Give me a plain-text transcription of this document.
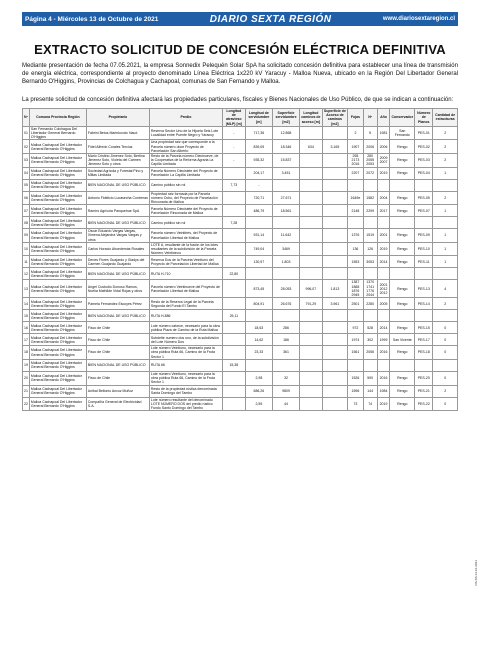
Página 4 - Miércoles 13 de Octubre de 2021	DIARIO SEXTA REGIÓN	www.diariosextaregion.cl
EXTRACTO SOLICITUD DE CONCESIÓN ELÉCTRICA DEFINITIVA
Mediante presentación de fecha 07.05.2021, la empresa Sonnedix Pelequén Solar SpA ha solicitado concesión definitiva para establecer una línea de transmisión de energía eléctrica, correspondiente al proyecto denominado Línea Eléctrica 1x220 kV Yaracuy - Malloa Nueva, ubicado en la Región Del Libertador General Bernardo O'Higgins, Provincias de Colchagua y Cachapoal, comunas de San Fernando y Malloa.
La presente solicitud de concesión definitiva afectará las propiedades particulares, fiscales y Bienes Nacionales de Uso Público, de que se indican a continuación:
Nº	Comuna Provincia Región	Propietario	Predio	Longitud de atravieso (MLP) [m]	Longitud de servidumbre [m]	Superficie servidumbre [m2]	Longitud caminos de acceso [m]	Superficie de Acceso de caminos [m2]	Fojas	Nº	Año	Conservador	Número de Planos	Cantidad de estructuras
01	San Fernando Colchagua Del Libertador General Bernardo O'Higgins	Fabrini Betus Marinkovcic Naud	Reserva Sector Uno de la Hijuela Seis Lote Localidad entre Puente Negro y Yáracuy	-	717,36	12.868			2	5	1981	San Fernando	PES-01	2
02	Malloa Cachapoal Del Libertador General Bernardo O'Higgins	Fidel Alfredo Corales Tercius	Una propiedad raíz que corresponde a la Parcela número doce Proyecto de Parcelación San Alberto	-	839,05	18.346	634	3.165	1907	2006	2006	Rengo	PES-02	2
03	Malloa Cachapoal Del Libertador General Bernardo O'Higgins	Mario Cristino Jimenez Soto, Bertina Jimenez Soto, Violeta del Carmen Jimenez Soto y otros	Resto de la Parcela número Diecinueve, de la Cooperativa de la Reforma Agraria La Capilla Limitada	-	935,32	15.837			265 2173 2016	280 2055 2053	2009 2007	Rengo	PES-03	2
04	Malloa Cachapoal Del Libertador General Bernardo O'Higgins	Sociedad Agrícola y Forestal Pino y Millas Limitada	Parcela Número Diecisiete del Proyecto de Parcelación La Capilla Limitada		204,17	3.451			2207	2072	2019	Rengo	PES-04	1
05	Malloa Cachapoal Del Libertador General Bernardo O'Higgins	BIEN NACIONAL DE USO PÚBLICO	Camino público sin rol	7,73	-									
06	Malloa Cachapoal Del Libertador General Bernardo O'Higgins	Antonio Fidelicio Lucasecha Contreras	Propiedad raíz formada por la Parcela número Ocho, del Proyecto de Parcelación Rinconada de Malloa		720,71	27.671			1649e	1582	2004	Rengo	PES-05	2
07	Malloa Cachapoal Del Libertador General Bernardo O'Higgins	Ramiro Agrícola Panquehue SpA	Parcela Número Diecisiete del Proyecto de Parcelación Rinconada de Malloa		486,79	18.561			2148	2299	2017	Rengo	PES-07	1
08	Malloa Cachapoal Del Libertador General Bernardo O'Higgins	BIEN NACIONAL DE USO PÚBLICO	Camino público sin rol	7,28										
09	Malloa Cachapoal Del Libertador General Bernardo O'Higgins	Oscar Eduardo Vargas Vargas, Ximena Alejandra Vargas Vargas y otros	Parcela número Veintitrés, del Proyecto de Parcelación Libertad de Malloa		931,14	11.642			1376	1519	2001	Rengo	PES-09	1
10	Malloa Cachapoal Del Libertador General Bernardo O'Higgins	Carlos Horacio Ahuedemás Rosales	LOTE A, resultante de la fusión de los lotes resultantes de la subdivisión de la Parcela Número Veinticinco		749,04	3469			136	126	2019	Rengo	PES-10	1
11	Malloa Cachapoal Del Libertador General Bernardo O'Higgins	Denes Flores Guajardo y Gladys del Carmen Guajardo Guajardo	Reserva Dos de la Parcela Veintiuno del Proyecto de Parcelación Libertad de Malloa		130,97	1.803			1553	3053	2014	Rengo	PES-11	1
12	Malloa Cachapoal Del Libertador General Bernardo O'Higgins	BIEN NACIONAL DE USO PÚBLICO	RUTA H-710	22,80										
13	Malloa Cachapoal Del Libertador General Bernardo O'Higgins	Angel Custodio Donoso Ramos, Noelia Mathilde Vidal Rojas y otros	Parcela número Veintinueve del Proyecto de Parcelación Libertad de Malloa		873,45	28.053	996,07	1.813	1387 1868 1876 2945	1370 1741 1776 2044	2001 2012 2012	Rengo	PES-13	4
14	Malloa Cachapoal Del Libertador General Bernardo O'Higgins	Pamela Fernández Escoyes Pérez	Resto de la Reserva Legal de la Parcela Segunda del Fundo El Tambo		804,91	26.676	791,29	3.961	2501	2280	2005	Rengo	PES-14	2
15	Malloa Cachapoal Del Libertador General Bernardo O'Higgins	BIEN NACIONAL DE USO PÚBLICO	RUTA H-886	25,11										
16	Malloa Cachapoal Del Libertador General Bernardo O'Higgins	Fisco de Chile	Lote número catorce, necesario para la obra pública Plaza de Camino de la Ruta Malloa		18,63	286			972	528	2014	Rengo	PES-15	0
17	Malloa Cachapoal Del Libertador General Bernardo O'Higgins	Fisco de Chile	Subdelte numero dos uno, de la subdivisión del Lote Número Dos		14,62	186			1974	302	1999	San Vicente	PES-17	0
18	Malloa Cachapoal Del Libertador General Bernardo O'Higgins	Fisco de Chile	Lote número Veintiuno, necesario para la obra pública Ruta 66, Camino de la Fruta Sector 1		23,33	361			1561	2056	2016	Rengo	PES-18	0
19	Malloa Cachapoal Del Libertador General Bernardo O'Higgins	BIEN NACIONAL DE USO PÚBLICO	RUTA 66	15,38										
20	Malloa Cachapoal Del Libertador General Bernardo O'Higgins	Fisco de Chile	Lote número Veintiuno, necesario para la obra pública Ruta 66, Camino de la Fruta Sector 1		2,98	32			1526	590	2016	Rengo	PES-20	0
21	Malloa Cachapoal Del Libertador General Bernardo O'Higgins	Anibal Bellonio Ancuz Muñoz	Resto de la propiedad rústica denominada Santa Domingo del Tambo		686,26	9809			1596	144	1984	Rengo	PES-21	2
22	Malloa Cachapoal Del Libertador General Bernardo O'Higgins	Compañía General de Electricidad S.A.	Lote número resultante del denominado LOTE NÚMERO DOS del predio rústico Fundo Santo Domingo del Tambo		2,55	44			73	74	2019	Rengo	PES-22	0
DS-SS-13-10-2021
